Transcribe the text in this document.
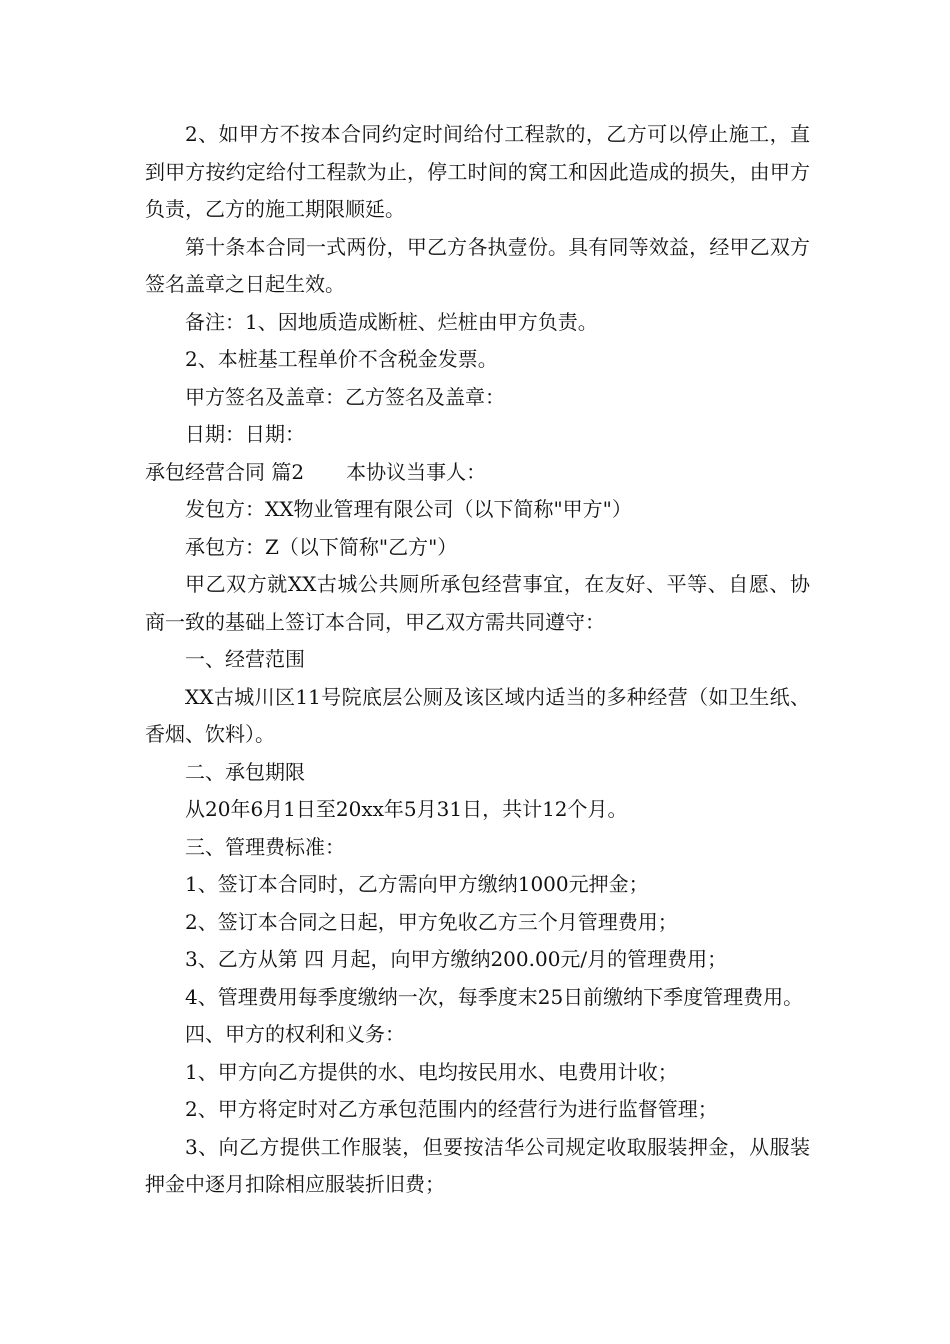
2、如甲方不按本合同约定时间给付工程款的，乙方可以停止施工，直到甲方按约定给付工程款为止，停工时间的窝工和因此造成的损失，由甲方负责，乙方的施工期限顺延。

第十条本合同一式两份，甲乙方各执壹份。具有同等效益，经甲乙双方签名盖章之日起生效。

备注：1、因地质造成断桩、烂桩由甲方负责。

2、本桩基工程单价不含税金发票。

甲方签名及盖章：乙方签名及盖章：

日期：日期：

承包经营合同 篇2 本协议当事人：

发包方：XX物业管理有限公司（以下简称"甲方"）

承包方：Z（以下简称"乙方"）

甲乙双方就XX古城公共厕所承包经营事宜，在友好、平等、自愿、协商一致的基础上签订本合同，甲乙双方需共同遵守：

一、经营范围

XX古城川区11号院底层公厕及该区域内适当的多种经营（如卫生纸、香烟、饮料）。

二、承包期限

从20年6月1日至20xx年5月31日，共计12个月。

三、管理费标准：

1、签订本合同时，乙方需向甲方缴纳1000元押金；

2、签订本合同之日起，甲方免收乙方三个月管理费用；

3、乙方从第 四 月起，向甲方缴纳200.00元/月的管理费用；

4、管理费用每季度缴纳一次，每季度末25日前缴纳下季度管理费用。

四、甲方的权利和义务：

1、甲方向乙方提供的水、电均按民用水、电费用计收；

2、甲方将定时对乙方承包范围内的经营行为进行监督管理；

3、向乙方提供工作服装，但要按洁华公司规定收取服装押金，从服装押金中逐月扣除相应服装折旧费；
